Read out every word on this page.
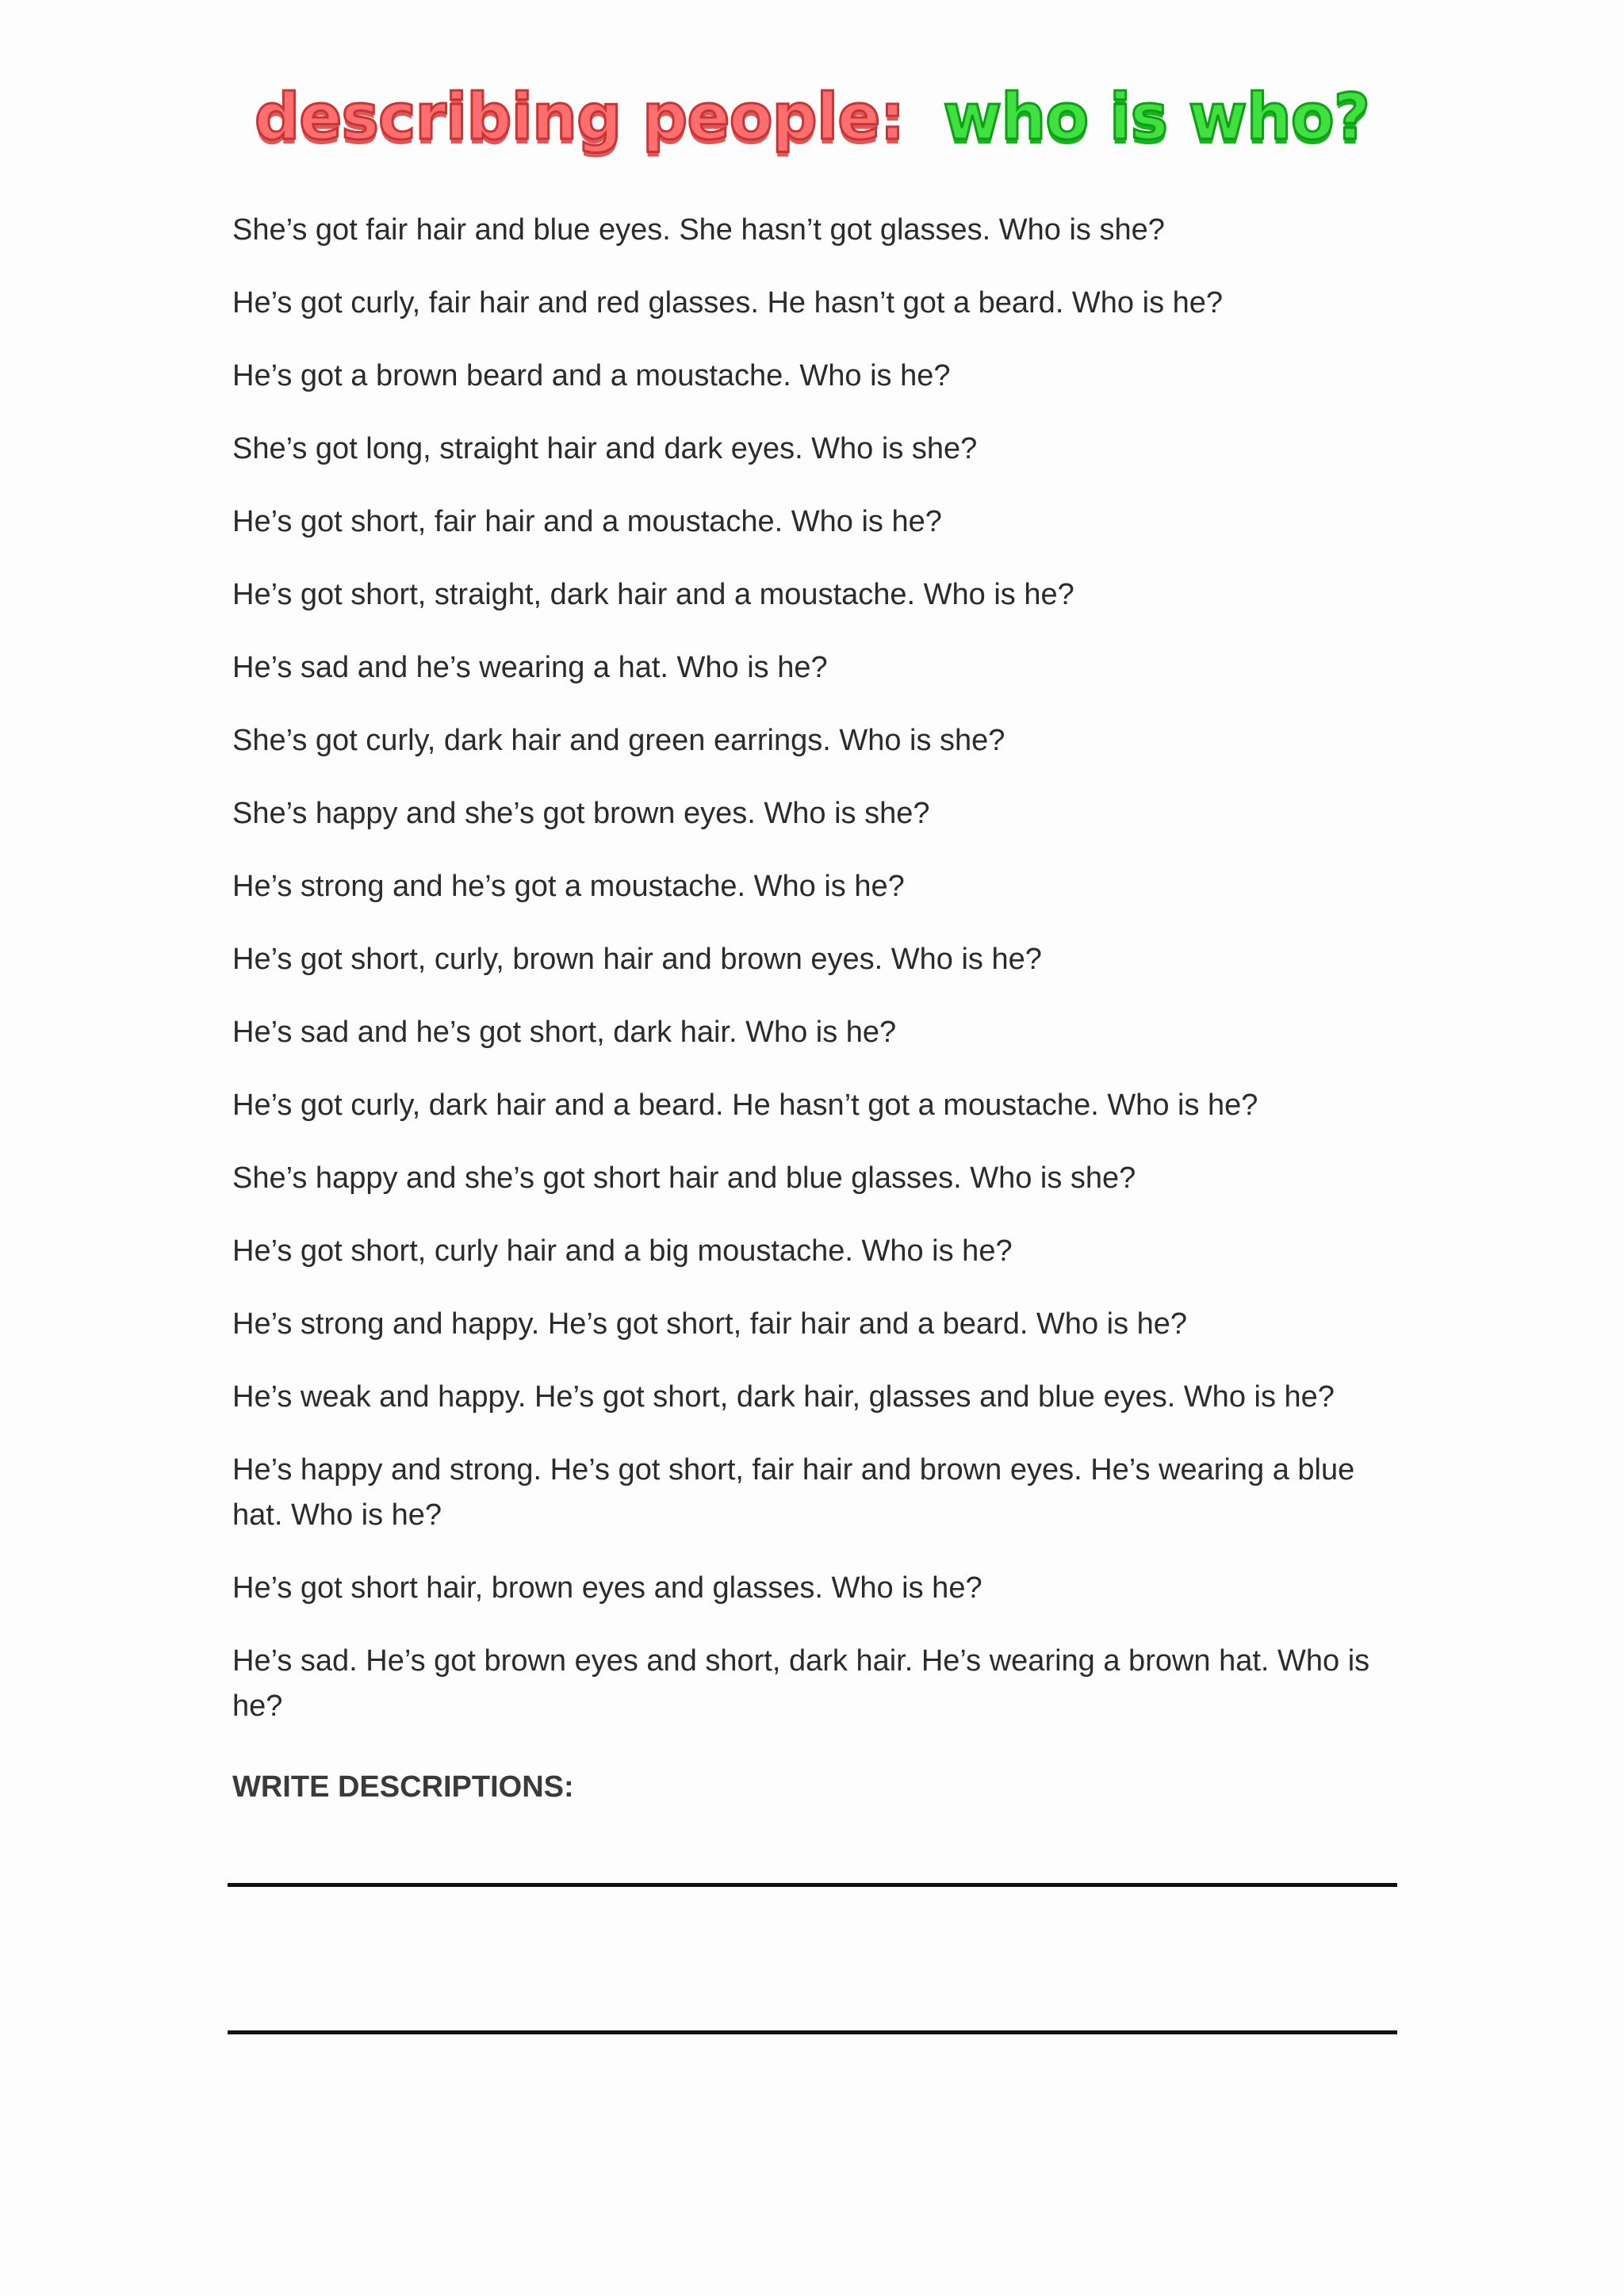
describing people: who is who?
She’s got fair hair and blue eyes. She hasn’t got glasses. Who is she?
He’s got curly, fair hair and red glasses. He hasn’t got a beard. Who is he?
He’s got a brown beard and a moustache. Who is he?
She’s got long, straight hair and dark eyes. Who is she?
He’s got short, fair hair and a moustache. Who is he?
He’s got short, straight, dark hair and a moustache. Who is he?
He’s sad and he’s wearing a hat. Who is he?
She’s got curly, dark hair and green earrings. Who is she?
She’s happy and she’s got brown eyes. Who is she?
He’s strong and he’s got a moustache. Who is he?
He’s got short, curly, brown hair and brown eyes. Who is he?
He’s sad and he’s got short, dark hair. Who is he?
He’s got curly, dark hair and a beard. He hasn’t got a moustache. Who is he?
She’s happy and she’s got short hair and blue glasses. Who is she?
He’s got short, curly hair and a big moustache. Who is he?
He’s strong and happy. He’s got short, fair hair and a beard. Who is he?
He’s weak and happy. He’s got short, dark hair, glasses and blue eyes. Who is he?
He’s happy and strong. He’s got short, fair hair and brown eyes. He’s wearing a blue hat. Who is he?
He’s got short hair, brown eyes and glasses. Who is he?
He’s sad. He’s got brown eyes and short, dark hair. He’s wearing a brown hat. Who is he?
WRITE DESCRIPTIONS:
